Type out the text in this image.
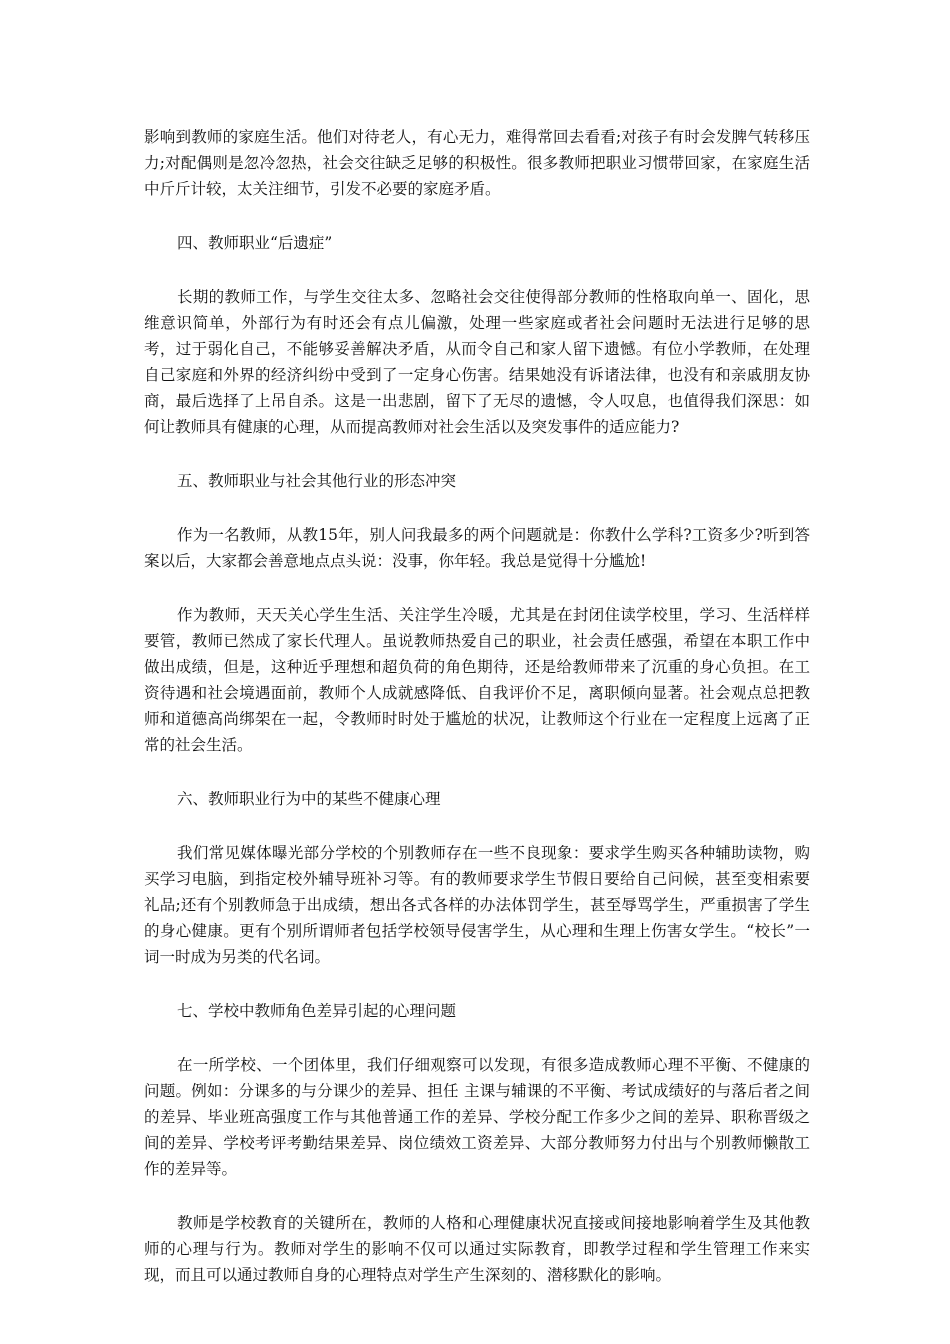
影响到教师的家庭生活。他们对待老人，有心无力，难得常回去看看;对孩子有时会发脾气转移压力;对配偶则是忽冷忽热，社会交往缺乏足够的积极性。很多教师把职业习惯带回家，在家庭生活中斤斤计较，太关注细节，引发不必要的家庭矛盾。

四、教师职业“后遗症”

长期的教师工作，与学生交往太多、忽略社会交往使得部分教师的性格取向单一、固化，思维意识简单，外部行为有时还会有点儿偏激，处理一些家庭或者社会问题时无法进行足够的思考，过于弱化自己，不能够妥善解决矛盾，从而令自己和家人留下遗憾。有位小学教师，在处理自己家庭和外界的经济纠纷中受到了一定身心伤害。结果她没有诉诸法律，也没有和亲戚朋友协商，最后选择了上吊自杀。这是一出悲剧，留下了无尽的遗憾，令人叹息，也值得我们深思：如何让教师具有健康的心理，从而提高教师对社会生活以及突发事件的适应能力?

五、教师职业与社会其他行业的形态冲突

作为一名教师，从教15年，别人问我最多的两个问题就是：你教什么学科?工资多少?听到答案以后，大家都会善意地点点头说：没事，你年轻。我总是觉得十分尴尬!

作为教师，天天关心学生生活、关注学生冷暖，尤其是在封闭住读学校里，学习、生活样样要管，教师已然成了家长代理人。虽说教师热爱自己的职业，社会责任感强，希望在本职工作中做出成绩，但是，这种近乎理想和超负荷的角色期待，还是给教师带来了沉重的身心负担。在工资待遇和社会境遇面前，教师个人成就感降低、自我评价不足，离职倾向显著。社会观点总把教师和道德高尚绑架在一起，令教师时时处于尴尬的状况，让教师这个行业在一定程度上远离了正常的社会生活。

六、教师职业行为中的某些不健康心理

我们常见媒体曝光部分学校的个别教师存在一些不良现象：要求学生购买各种辅助读物，购买学习电脑，到指定校外辅导班补习等。有的教师要求学生节假日要给自己问候，甚至变相索要礼品;还有个别教师急于出成绩，想出各式各样的办法体罚学生，甚至辱骂学生，严重损害了学生的身心健康。更有个别所谓师者包括学校领导侵害学生，从心理和生理上伤害女学生。“校长”一词一时成为另类的代名词。

七、学校中教师角色差异引起的心理问题

在一所学校、一个团体里，我们仔细观察可以发现，有很多造成教师心理不平衡、不健康的问题。例如：分课多的与分课少的差异、担任 主课与辅课的不平衡、考试成绩好的与落后者之间的差异、毕业班高强度工作与其他普通工作的差异、学校分配工作多少之间的差异、职称晋级之间的差异、学校考评考勤结果差异、岗位绩效工资差异、大部分教师努力付出与个别教师懒散工作的差异等。

教师是学校教育的关键所在，教师的人格和心理健康状况直接或间接地影响着学生及其他教师的心理与行为。教师对学生的影响不仅可以通过实际教育，即教学过程和学生管理工作来实现，而且可以通过教师自身的心理特点对学生产生深刻的、潜移默化的影响。
